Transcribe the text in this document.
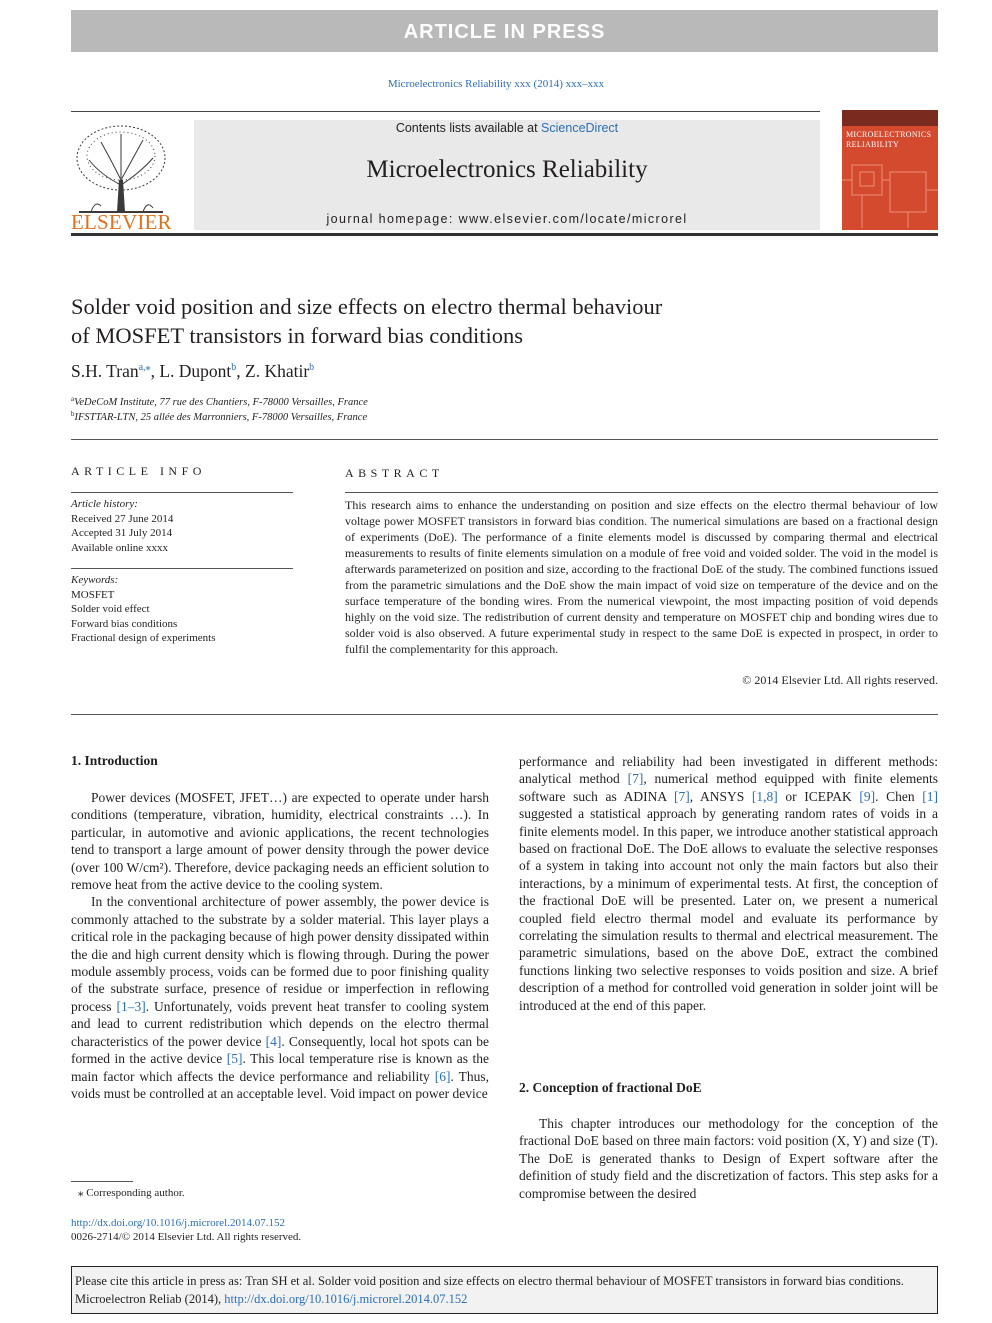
ARTICLE IN PRESS
Microelectronics Reliability xxx (2014) xxx–xxx
Contents lists available at ScienceDirect
Microelectronics Reliability
journal homepage: www.elsevier.com/locate/microrel
ELSEVIER
MICROELECTRONICS RELIABILITY
Solder void position and size effects on electro thermal behaviour
of MOSFET transistors in forward bias conditions
S.H. Tran$^{a,⁎}$, L. Dupont$^b$, Z. Khatir$^b$
$^a$VeDeCoM Institute, 77 rue des Chantiers, F-78000 Versailles, France
$^b$IFSTTAR-LTN, 25 allée des Marronniers, F-78000 Versailles, France
ARTICLE INFO
Article history:
Received 27 June 2014
Accepted 31 July 2014
Available online xxxx
Keywords:
MOSFET
Solder void effect
Forward bias conditions
Fractional design of experiments
ABSTRACT
This research aims to enhance the understanding on position and size effects on the electro thermal behaviour of low voltage power MOSFET transistors in forward bias condition. The numerical simulations are based on a fractional design of experiments (DoE). The performance of a finite elements model is discussed by comparing thermal and electrical measurements to results of finite elements simulation on a module of free void and voided solder. The void in the model is afterwards parameterized on position and size, according to the fractional DoE of the study. The combined functions issued from the parametric simulations and the DoE show the main impact of void size on temperature of the device and on the surface temperature of the bonding wires. From the numerical viewpoint, the most impacting position of void depends highly on the void size. The redistribution of current density and temperature on MOSFET chip and bonding wires due to solder void is also observed. A future experimental study in respect to the same DoE is expected in prospect, in order to fulfil the complementarity for this approach.
© 2014 Elsevier Ltd. All rights reserved.
1. Introduction

Power devices (MOSFET, JFET…) are expected to operate under harsh conditions (temperature, vibration, humidity, electrical constraints …). In particular, in automotive and avionic applications, the recent technologies tend to transport a large amount of power density through the power device (over 100 W/cm²). Therefore, device packaging needs an efficient solution to remove heat from the active device to the cooling system.

In the conventional architecture of power assembly, the power device is commonly attached to the substrate by a solder material. This layer plays a critical role in the packaging because of high power density dissipated within the die and high current density which is flowing through. During the power module assembly process, voids can be formed due to poor finishing quality of the substrate surface, presence of residue or imperfection in reflowing process [1–3]. Unfortunately, voids prevent heat transfer to cooling system and lead to current redistribution which depends on the electro thermal characteristics of the power device [4]. Consequently, local hot spots can be formed in the active device [5]. This local temperature rise is known as the main factor which affects the device performance and reliability [6]. Thus, voids must be controlled at an acceptable level. Void impact on power device

performance and reliability had been investigated in different methods: analytical method [7], numerical method equipped with finite elements software such as ADINA [7], ANSYS [1,8] or ICEPAK [9]. Chen [1] suggested a statistical approach by generating random rates of voids in a finite elements model. In this paper, we introduce another statistical approach based on fractional DoE. The DoE allows to evaluate the selective responses of a system in taking into account not only the main factors but also their interactions, by a minimum of experimental tests. At first, the conception of the fractional DoE will be presented. Later on, we present a numerical coupled field electro thermal model and evaluate its performance by correlating the simulation results to thermal and electrical measurement. The parametric simulations, based on the above DoE, extract the combined functions linking two selective responses to voids position and size. A brief description of a method for controlled void generation in solder joint will be introduced at the end of this paper.
2. Conception of fractional DoE

This chapter introduces our methodology for the conception of the fractional DoE based on three main factors: void position (X, Y) and size (T). The DoE is generated thanks to Design of Expert software after the definition of study field and the discretization of factors. This step asks for a compromise between the desired

⁎ Corresponding author.
http://dx.doi.org/10.1016/j.microrel.2014.07.152
0026-2714/© 2014 Elsevier Ltd. All rights reserved.
Please cite this article in press as: Tran SH et al. Solder void position and size effects on electro thermal behaviour of MOSFET transistors in forward bias conditions. Microelectron Reliab (2014), http://dx.doi.org/10.1016/j.microrel.2014.07.152
